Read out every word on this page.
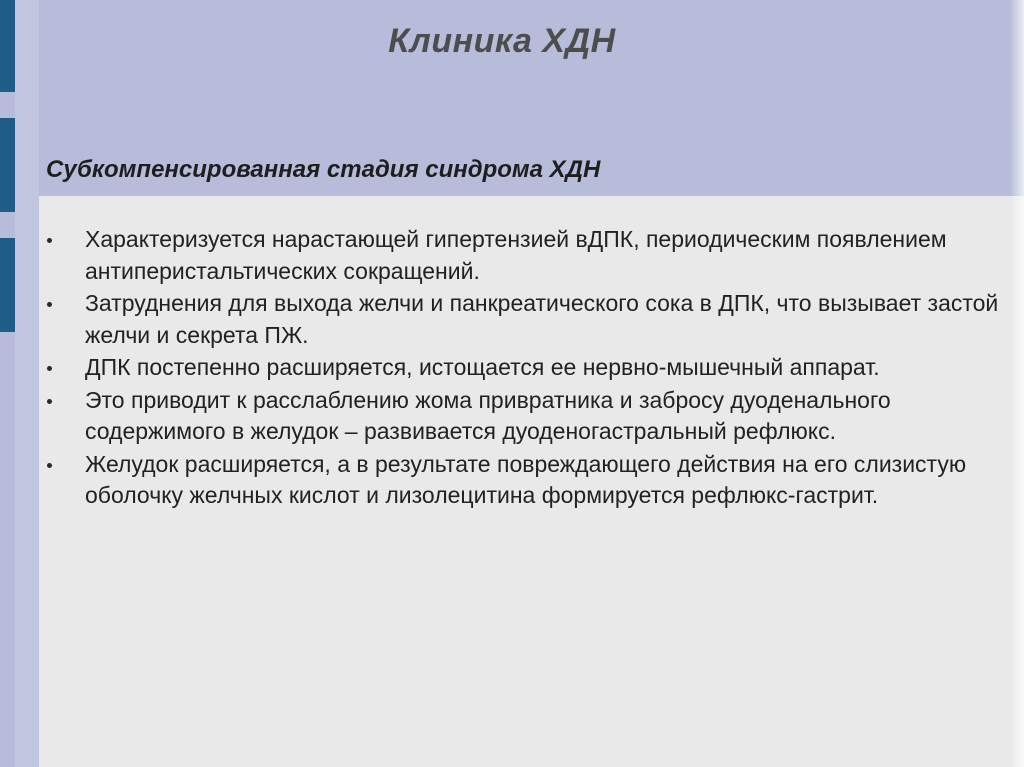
Клиника ХДН
Субкомпенсированная стадия синдрома ХДН
Характеризуется нарастающей гипертензией вДПК, периодическим появлением антиперистальтических сокращений.
Затруднения для выхода желчи и панкреатического сока в ДПК, что вызывает застой желчи и секрета ПЖ.
ДПК постепенно расширяется, истощается ее нервно-мышечный аппарат.
Это приводит к расслаблению жома привратника и забросу дуоденального содержимого в желудок – развивается дуоденогастральный рефлюкс.
Желудок расширяется, а в результате повреждающего действия на его слизистую оболочку желчных кислот и лизолецитина формируется рефлюкс-гастрит.
